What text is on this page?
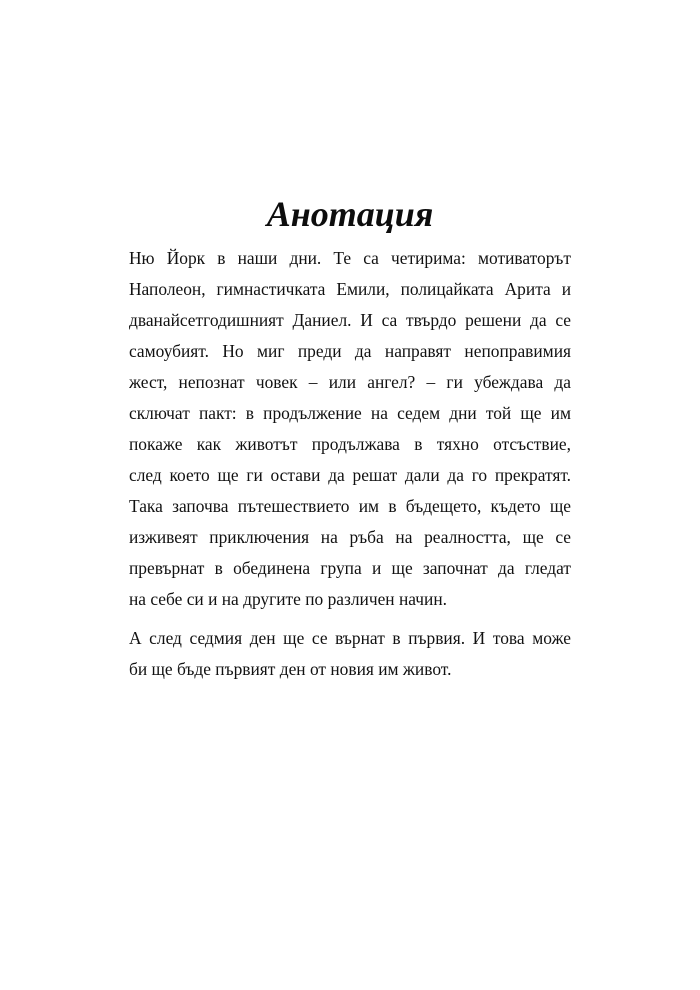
Анотация

Ню Йорк в наши дни. Те са четирима: мотиваторът
Наполеон, гимнастичката Емили, полицайката Арита и
дванайсетгодишният Даниел. И са твърдо решени да се
самоубият. Но миг преди да направят непоправимия
жест, непознат човек – или ангел? – ги убеждава да
сключат пакт: в продължение на седем дни той ще им
покаже как животът продължава в тяхно отсъствие,
след което ще ги остави да решат дали да го прекратят.
Така започва пътешествието им в бъдещето, където ще
изживеят приключения на ръба на реалността, ще се
превърнат в обединена група и ще започнат да гледат
на себе си и на другите по различен начин.

А след седмия ден ще се върнат в първия. И това може
би ще бъде първият ден от новия им живот.
